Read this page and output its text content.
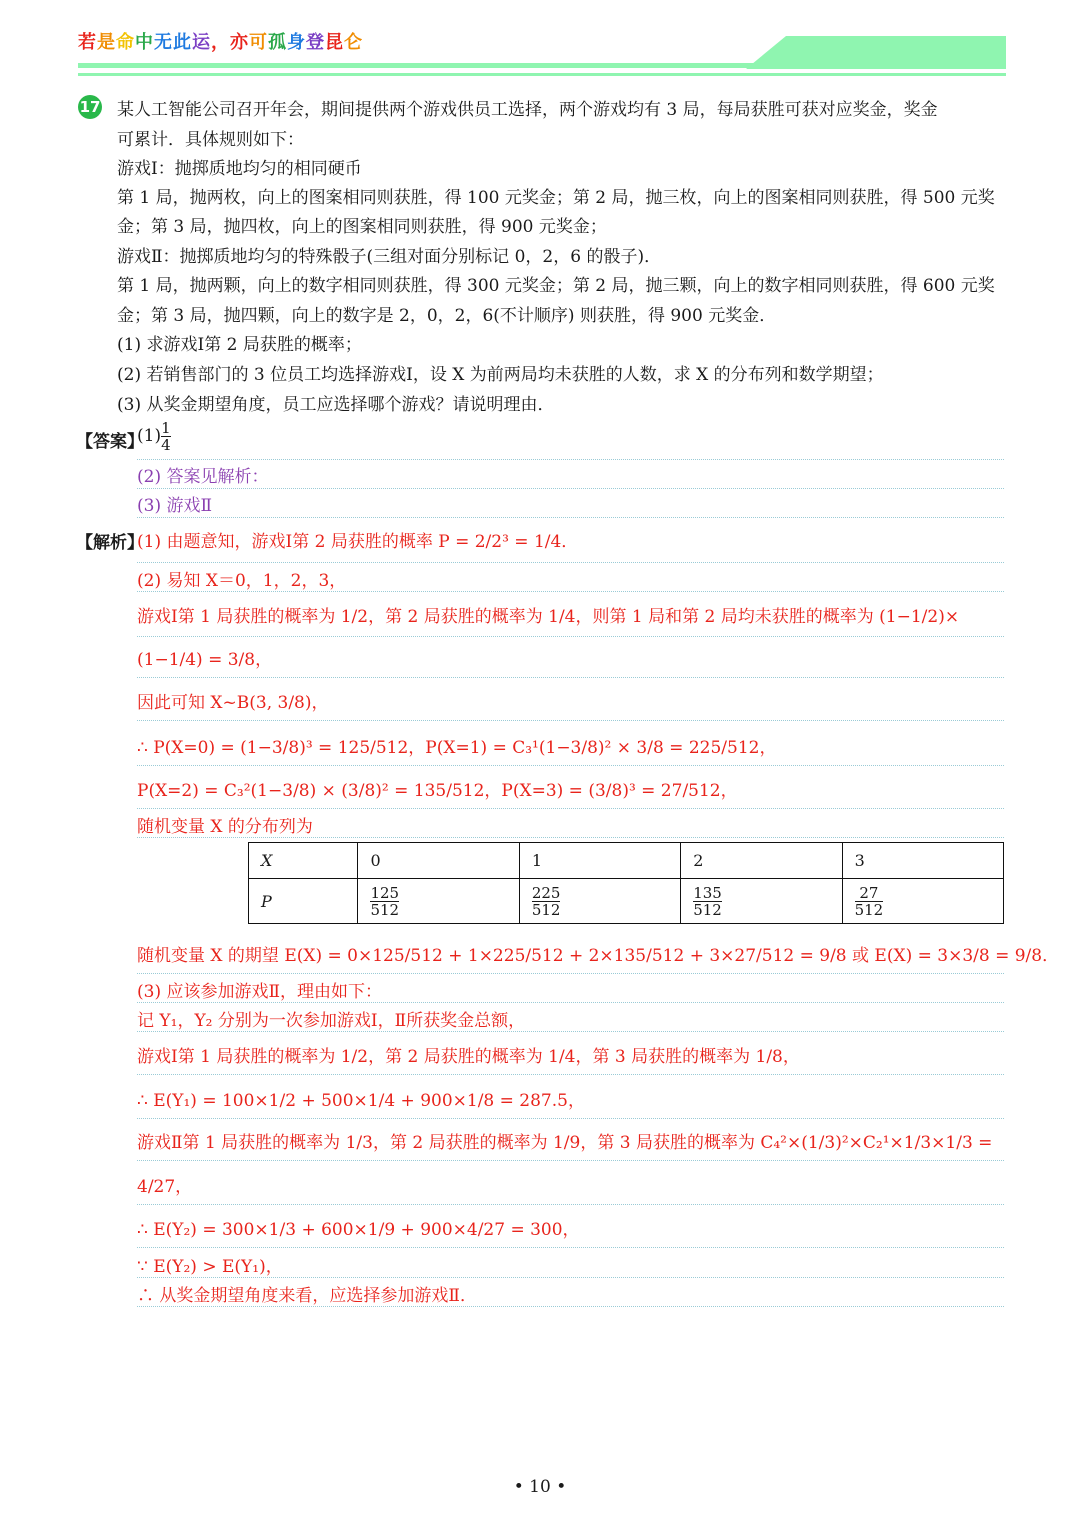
若是命中无此运，亦可孤身登昆仑
17 某人工智能公司召开年会，期间提供两个游戏供员工选择，两个游戏均有 3 局，每局获胜可获对应奖金，奖金
可累计．具体规则如下：
游戏Ⅰ：抛掷质地均匀的相同硬币
第 1 局，抛两枚，向上的图案相同则获胜，得 100 元奖金；第 2 局，抛三枚，向上的图案相同则获胜，得 500 元奖
金；第 3 局，抛四枚，向上的图案相同则获胜，得 900 元奖金；
游戏Ⅱ：抛掷质地均匀的特殊骰子(三组对面分别标记 0，2，6 的骰子)．
第 1 局，抛两颗，向上的数字相同则获胜，得 300 元奖金；第 2 局，抛三颗，向上的数字相同则获胜，得 600 元奖
金；第 3 局，抛四颗，向上的数字是 2，0，2，6(不计顺序) 则获胜，得 900 元奖金．
(1) 求游戏Ⅰ第 2 局获胜的概率；
(2) 若销售部门的 3 位员工均选择游戏Ⅰ，设 X 为前两局均未获胜的人数，求 X 的分布列和数学期望；
(3) 从奖金期望角度，员工应选择哪个游戏？请说明理由．
【答案】
$(1) \frac{1}{4}$
(2) 答案见解析：
(3) 游戏Ⅱ
【解析】
(1) 由题意知，游戏Ⅰ第 2 局获胜的概率 P = 2/2³ = 1/4．
(2) 易知 X＝0，1，2，3，
游戏Ⅰ第 1 局获胜的概率为 1/2，第 2 局获胜的概率为 1/4，则第 1 局和第 2 局均未获胜的概率为 (1−1/2)×
(1−1/4) = 3/8，
因此可知 X~B(3, 3/8)，
∴ P(X=0) = (1−3/8)³ = 125/512，P(X=1) = C₃¹(1−3/8)² × 3/8 = 225/512，
P(X=2) = C₃²(1−3/8) × (3/8)² = 135/512，P(X=3) = (3/8)³ = 27/512，
随机变量 X 的分布列为
X	0	1	2	3
P	$\frac{125}{512}$	$\frac{225}{512}$	$\frac{135}{512}$	$\frac{27}{512}$
随机变量 X 的期望 E(X) = 0×125/512 + 1×225/512 + 2×135/512 + 3×27/512 = 9/8 或 E(X) = 3×3/8 = 9/8．
(3) 应该参加游戏Ⅱ，理由如下：
记 Y₁，Y₂ 分别为一次参加游戏Ⅰ，Ⅱ所获奖金总额，
游戏Ⅰ第 1 局获胜的概率为 1/2，第 2 局获胜的概率为 1/4，第 3 局获胜的概率为 1/8，
∴ E(Y₁) = 100×1/2 + 500×1/4 + 900×1/8 = 287.5，
游戏Ⅱ第 1 局获胜的概率为 1/3，第 2 局获胜的概率为 1/9，第 3 局获胜的概率为 C₄²×(1/3)²×C₂¹×1/3×1/3 =
4/27，
∴ E(Y₂) = 300×1/3 + 600×1/9 + 900×4/27 = 300，
∵ E(Y₂) > E(Y₁)，
∴ 从奖金期望角度来看，应选择参加游戏Ⅱ．
• 10 •
